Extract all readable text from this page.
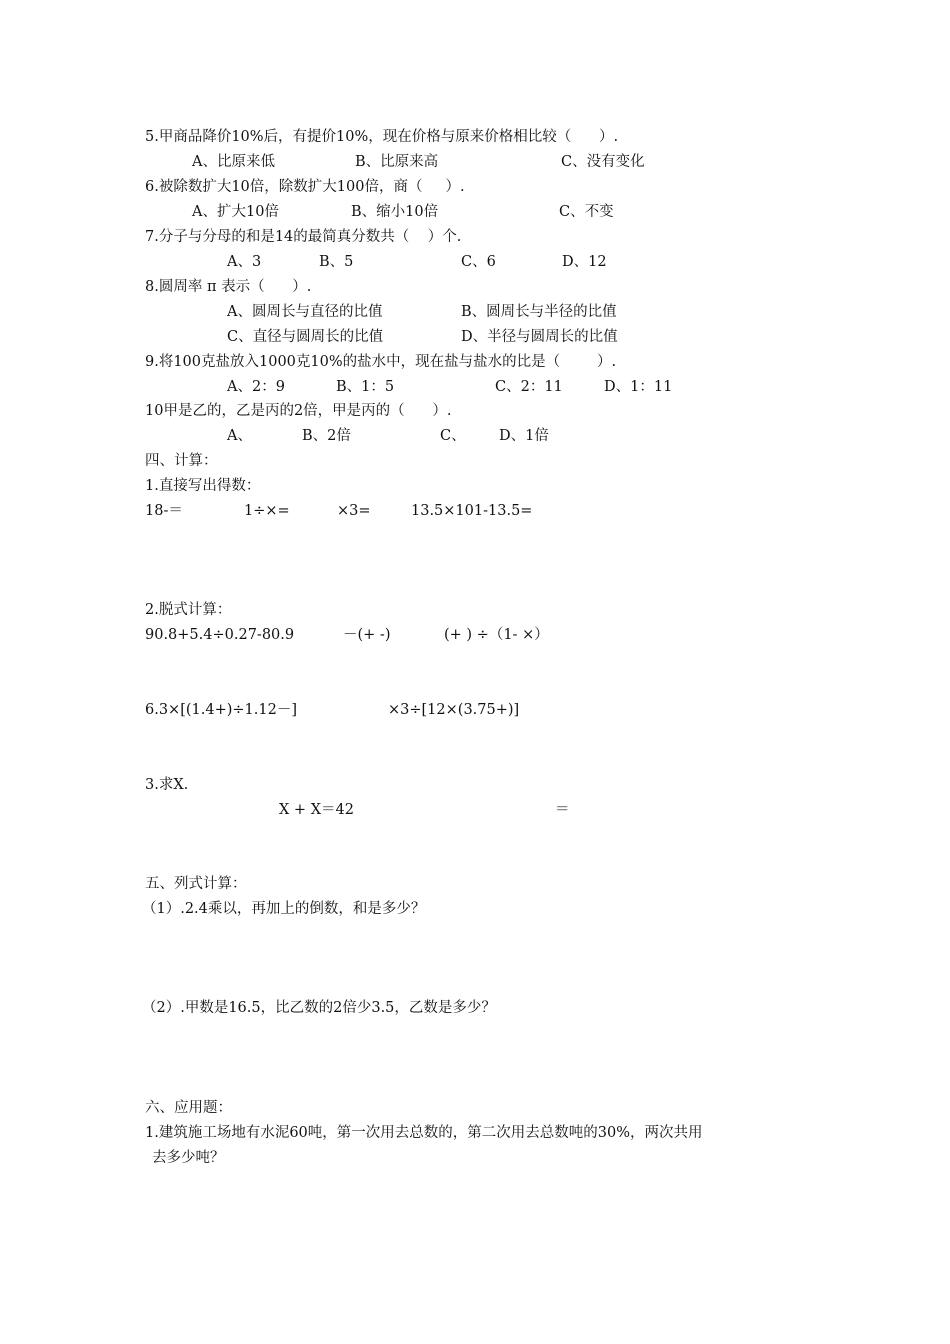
5.甲商品降价10%后，有提价10%，现在价格与原来价格相比较（      ）.
A、比原来低	B、比原来高	C、没有变化
6.被除数扩大10倍，除数扩大100倍，商（     ）.
A、扩大10倍	B、缩小10倍	C、不变
7.分子与分母的和是14的最简真分数共（    ）个.
A、3	B、5	C、6	D、12
8.圆周率 π 表示（      ）.
A、圆周长与直径的比值	B、圆周长与半径的比值
C、直径与圆周长的比值	D、半径与圆周长的比值
9.将100克盐放入1000克10%的盐水中，现在盐与盐水的比是（        ）.
A、2：9	B、1：5	C、2：11	D、1：11
10甲是乙的，乙是丙的2倍，甲是丙的（      ）.
A、	B、2倍	C、 D、1倍
四、计算：
1.直接写出得数：
18-＝	1÷×=	×3=	13.5×101-13.5=
2.脱式计算：
90.8+5.4÷0.27-80.9	－(+ -)	(+ ) ÷（1- ×）
6.3×[(1.4+)÷1.12－]	×3÷[12×(3.75+)]
3.求X.
X + X＝42	＝
五、列式计算：
（1）.2.4乘以，再加上的倒数，和是多少？
（2）.甲数是16.5，比乙数的2倍少3.5，乙数是多少？
六、应用题：
1.建筑施工场地有水泥60吨，第一次用去总数的，第二次用去总数吨的30%，两次共用
去多少吨？
